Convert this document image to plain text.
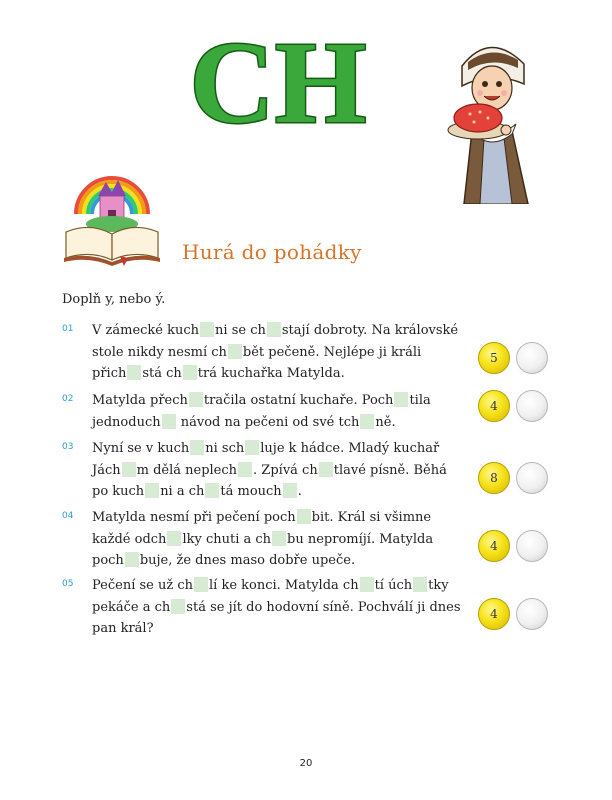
CH
Hurá do pohádky
Doplň y, nebo ý.
01 V zámecké kuch ni se ch stají dobroty. Na královské
stole nikdy nesmí ch bět pečeně. Nejlépe ji králi
přich stá ch trá kuchařka Matylda.
5
02 Matylda přech tračila ostatní kuchaře. Poch tila
jednoduch návod na pečeni od své tch ně.
4
03 Nyní se v kuch ni sch luje k hádce. Mladý kuchař
Jách m dělá neplech . Zpívá ch tlavé písně. Běhá
po kuch ni a ch tá mouch .
8
04 Matylda nesmí při pečení poch bit. Král si všimne
každé odch lky chuti a ch bu nepromíjí. Matylda
poch buje, že dnes maso dobře upeče.
4
05 Pečení se už ch lí ke konci. Matylda ch tí úch tky
pekáče a ch stá se jít do hodovní síně. Pochválí ji dnes
pan král?
4
20
